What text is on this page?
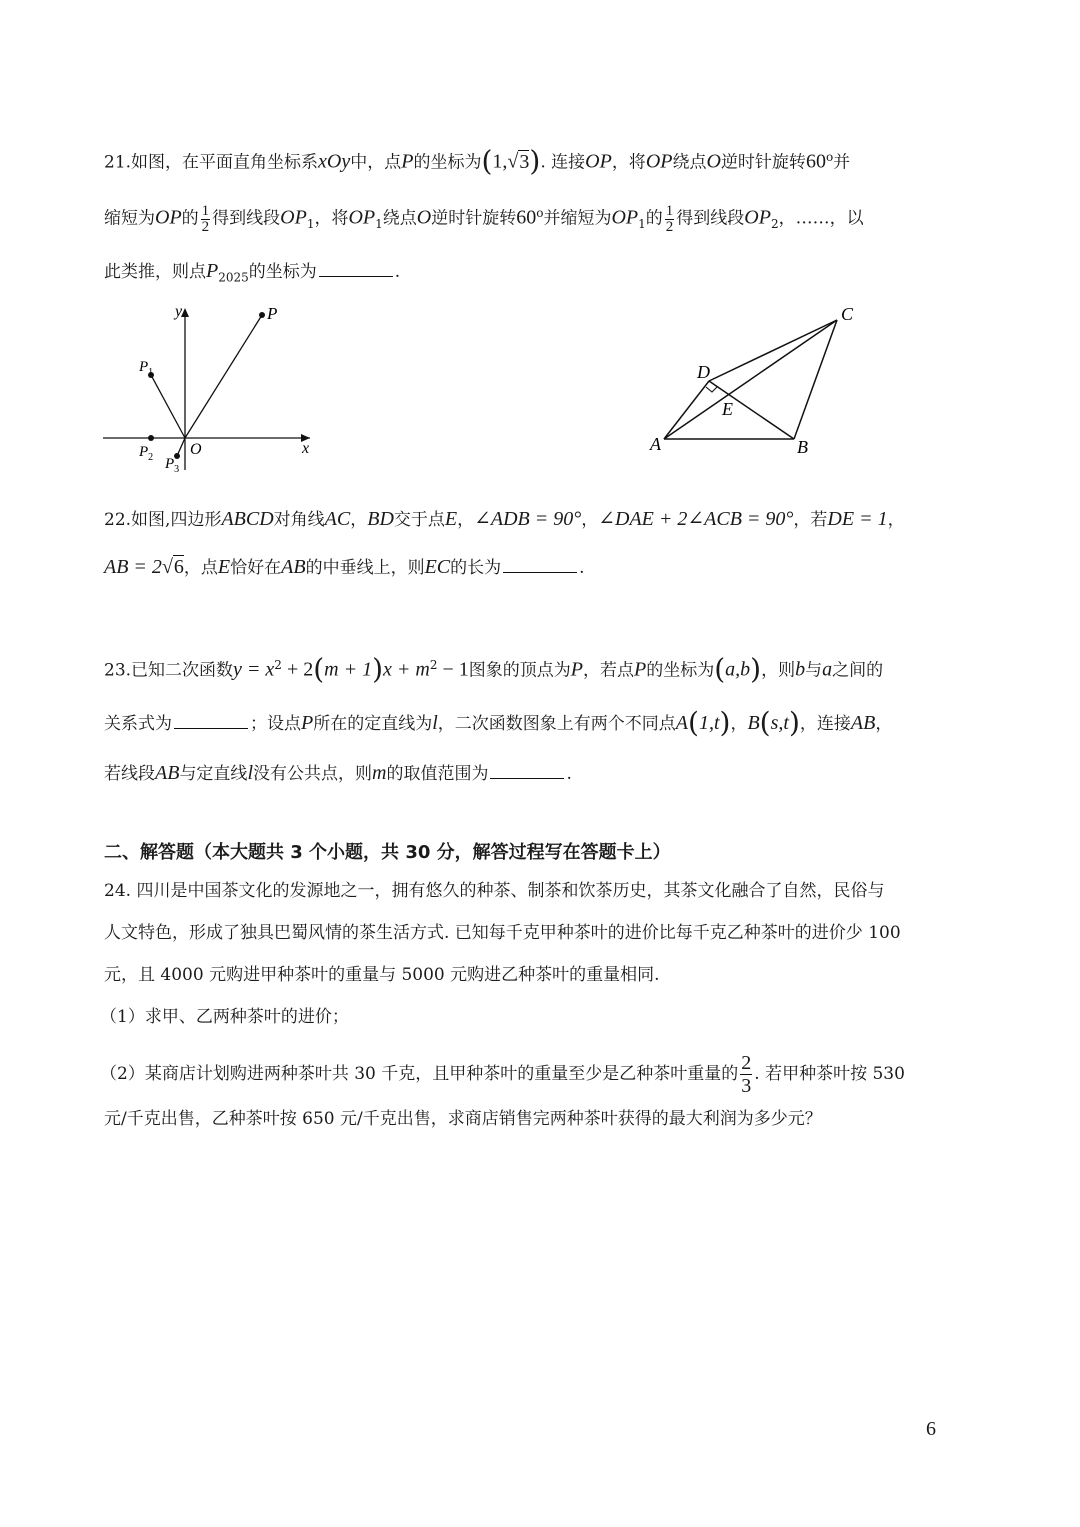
21.如图，在平面直角坐标系xOy中，点P的坐标为(1,√3). 连接OP，将OP绕点O逆时针旋转60$^o$并
缩短为OP的 $\frac{1}{2}$ 得到线段$OP_1$，将$OP_1$绕点O逆时针旋转60$^o$并缩短为$OP_1$的 $\frac{1}{2}$ 得到线段$OP_2$，……，以
此类推，则点$P_{2025}$的坐标为	.
y
x
O
P
$P_1$
$P_2$ $P_3$
A	B
C
D
E
22.如图,四边形ABCD对角线AC，BD交于点E，∠ADB = 90°，∠DAE + 2∠ACB = 90°，若DE = 1，
AB = 2√6，点E恰好在AB的中垂线上，则EC的长为	.
23.已知二次函数$y = x^2 + 2(m + 1)x + m^2 - 1$图象的顶点为P，若点P的坐标为(a,b)，则b与a之间的
关系式为	；设点P所在的定直线为l，二次函数图象上有两个不同点A(1,t)，B(s,t)，连接AB，
若线段AB与定直线l没有公共点，则m的取值范围为	.
二、解答题（本大题共 3 个小题，共 30 分，解答过程写在答题卡上）
24. 四川是中国茶文化的发源地之一，拥有悠久的种茶、制茶和饮茶历史，其茶文化融合了自然，民俗与
人文特色，形成了独具巴蜀风情的茶生活方式. 已知每千克甲种茶叶的进价比每千克乙种茶叶的进价少 100
元，且 4000 元购进甲种茶叶的重量与 5000 元购进乙种茶叶的重量相同.
（1）求甲、乙两种茶叶的进价；
（2）某商店计划购进两种茶叶共 30 千克，且甲种茶叶的重量至少是乙种茶叶重量的 $\frac{2}{3}$ . 若甲种茶叶按 530
元/千克出售，乙种茶叶按 650 元/千克出售，求商店销售完两种茶叶获得的最大利润为多少元？
6
